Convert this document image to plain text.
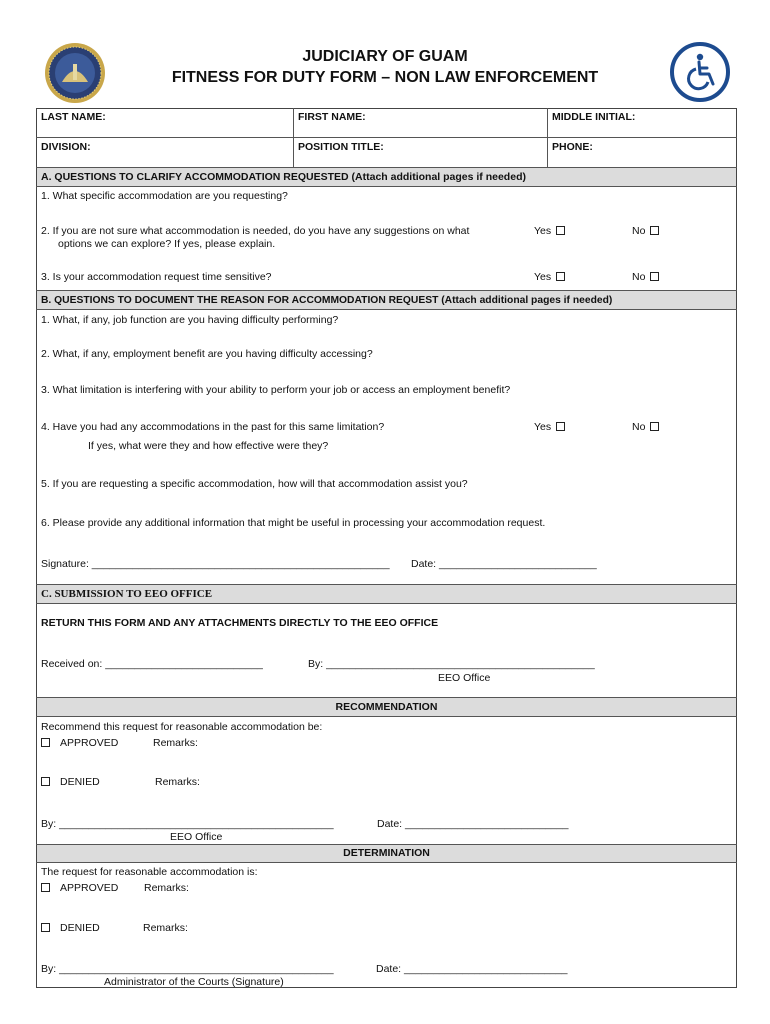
JUDICIARY OF GUAM
FITNESS FOR DUTY FORM – NON LAW ENFORCEMENT
LAST NAME:	FIRST NAME:	MIDDLE INITIAL:
DIVISION:	POSITION TITLE:	PHONE:
A. QUESTIONS TO CLARIFY ACCOMMODATION REQUESTED (Attach additional pages if needed)
1. What specific accommodation are you requesting?
2. If you are not sure what accommodation is needed, do you have any suggestions on what
options we can explore? If yes, please explain.
Yes	No
3. Is your accommodation request time sensitive?	Yes	No
B. QUESTIONS TO DOCUMENT THE REASON FOR ACCOMMODATION REQUEST (Attach additional pages if needed)
1. What, if any, job function are you having difficulty performing?
2. What, if any, employment benefit are you having difficulty accessing?
3. What limitation is interfering with your ability to perform your job or access an employment benefit?
4. Have you had any accommodations in the past for this same limitation?
If yes, what were they and how effective were they?
Yes	No
5. If you are requesting a specific accommodation, how will that accommodation assist you?
6. Please provide any additional information that might be useful in processing your accommodation request.
Signature: ___________________________________________________ Date: ___________________________
C. SUBMISSION TO EEO OFFICE
RETURN THIS FORM AND ANY ATTACHMENTS DIRECTLY TO THE EEO OFFICE
Received on: ___________________________	By: ______________________________________________
EEO Office
RECOMMENDATION
Recommend this request for reasonable accommodation be:
APPROVED	Remarks:
DENIED	Remarks:
By: _______________________________________________	Date: ____________________________
EEO Office
DETERMINATION
The request for reasonable accommodation is:
APPROVED Remarks:
DENIED	Remarks:
By: _______________________________________________	Date: ____________________________
Administrator of the Courts (Signature)
